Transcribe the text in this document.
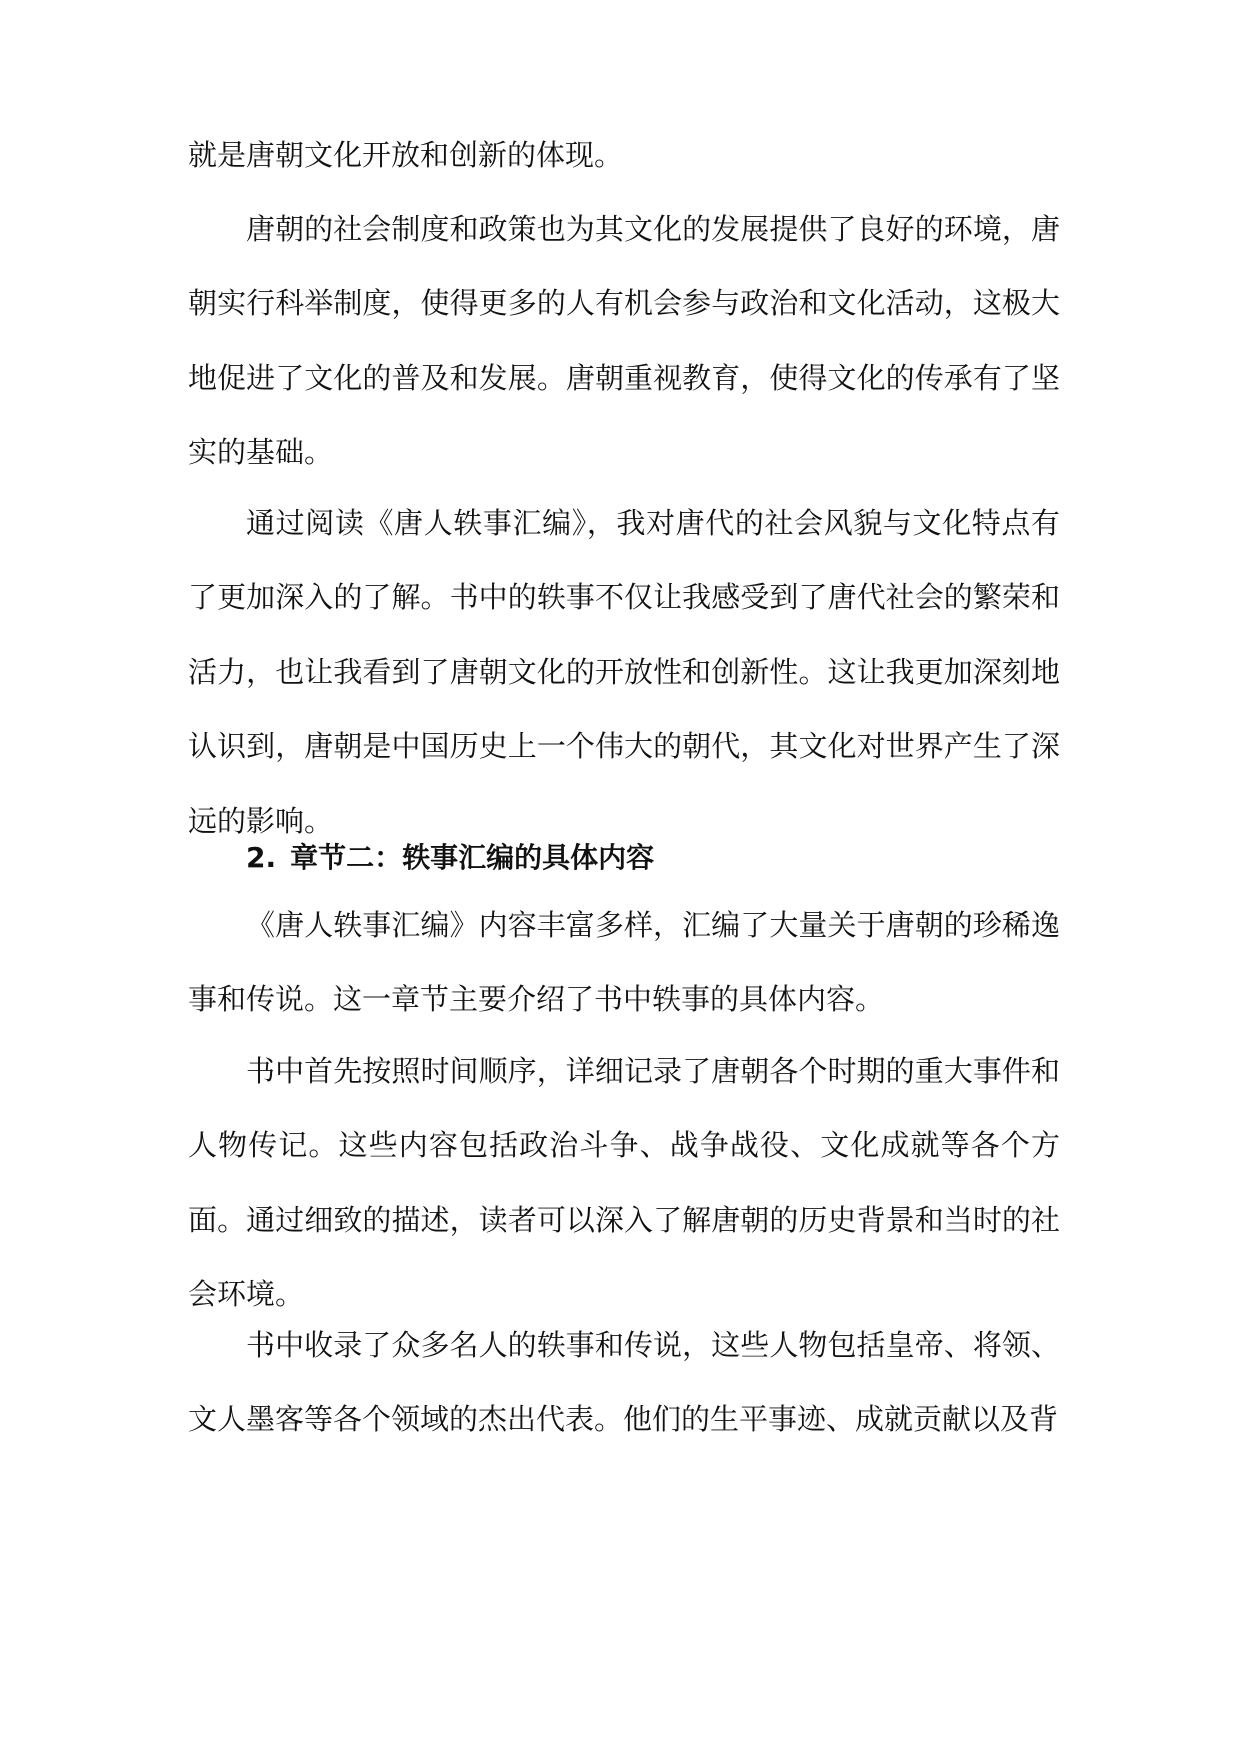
就是唐朝文化开放和创新的体现。

唐朝的社会制度和政策也为其文化的发展提供了良好的环境，唐朝实行科举制度，使得更多的人有机会参与政治和文化活动，这极大地促进了文化的普及和发展。唐朝重视教育，使得文化的传承有了坚实的基础。

通过阅读《唐人轶事汇编》，我对唐代的社会风貌与文化特点有了更加深入的了解。书中的轶事不仅让我感受到了唐代社会的繁荣和活力，也让我看到了唐朝文化的开放性和创新性。这让我更加深刻地认识到，唐朝是中国历史上一个伟大的朝代，其文化对世界产生了深远的影响。

2. 章节二：轶事汇编的具体内容

《唐人轶事汇编》内容丰富多样，汇编了大量关于唐朝的珍稀逸事和传说。这一章节主要介绍了书中轶事的具体内容。

书中首先按照时间顺序，详细记录了唐朝各个时期的重大事件和人物传记。这些内容包括政治斗争、战争战役、文化成就等各个方面。通过细致的描述，读者可以深入了解唐朝的历史背景和当时的社会环境。

书中收录了众多名人的轶事和传说，这些人物包括皇帝、将领、文人墨客等各个领域的杰出代表。他们的生平事迹、成就贡献以及背
